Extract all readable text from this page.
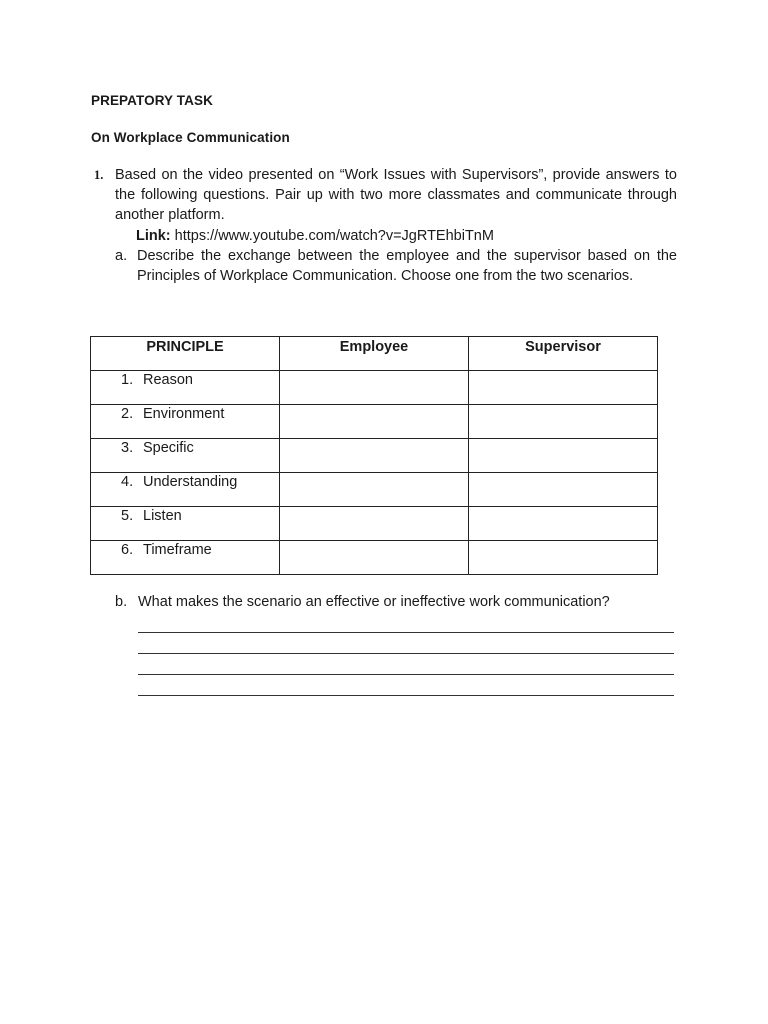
PREPATORY TASK
On Workplace Communication
1. Based on the video presented on “Work Issues with Supervisors”, provide answers to the following questions. Pair up with two more classmates and communicate through another platform.
Link: https://www.youtube.com/watch?v=JgRTEhbiTnM
a. Describe the exchange between the employee and the supervisor based on the Principles of Workplace Communication. Choose one from the two scenarios.
PRINCIPLE	Employee	Supervisor
1. Reason		
2. Environment		
3. Specific		
4. Understanding		
5. Listen		
6. Timeframe		
b. What makes the scenario an effective or ineffective work communication?
